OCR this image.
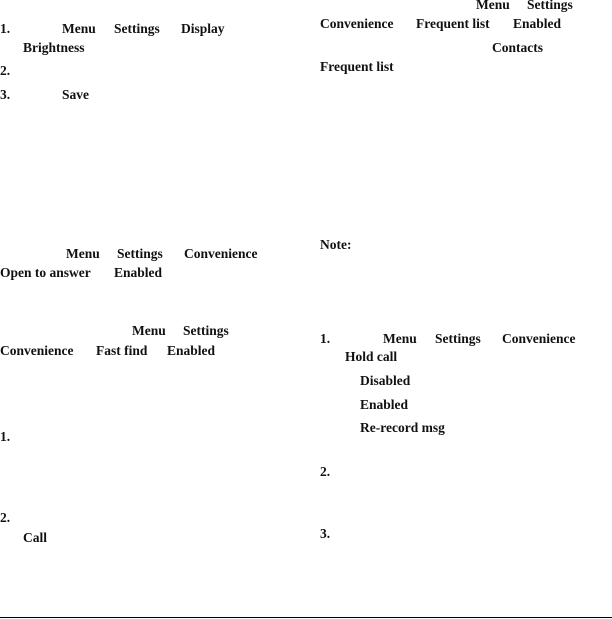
1.	Menu Settings Display
Brightness
2.
3.	Save
Menu Settings Convenience
Open to answer Enabled
Menu Settings
Convenience Fast find Enabled
1.
2.
Call
Menu Settings
Convenience Frequent list Enabled
Contacts
Frequent list
Note:
1.	Menu Settings Convenience
Hold call
Disabled
Enabled
Re-record msg
2.
3.
